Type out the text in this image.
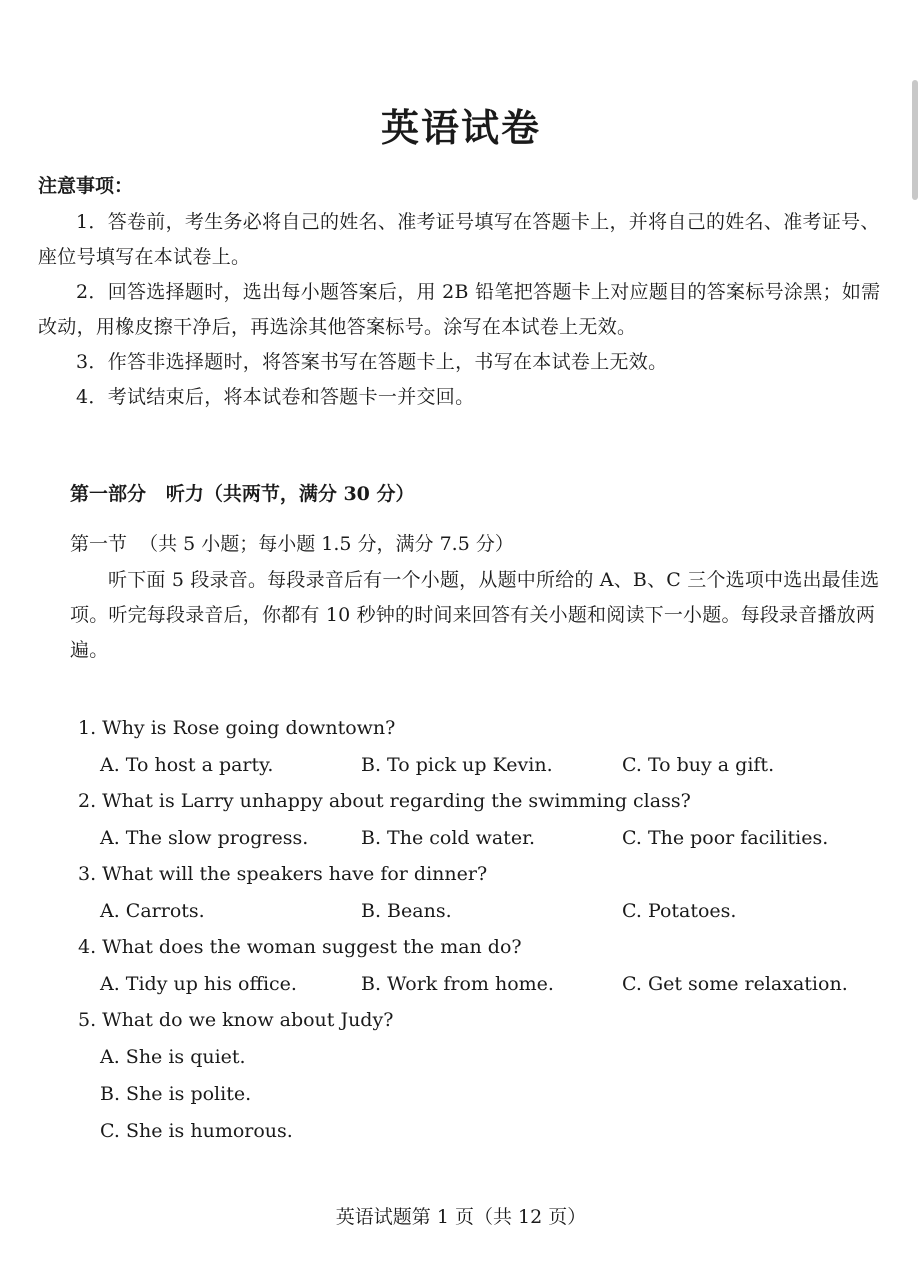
英语试卷
注意事项：

1．答卷前，考生务必将自己的姓名、准考证号填写在答题卡上，并将自己的姓名、准考证号、座位号填写在本试卷上。

2．回答选择题时，选出每小题答案后，用 2B 铅笔把答题卡上对应题目的答案标号涂黑；如需改动，用橡皮擦干净后，再选涂其他答案标号。涂写在本试卷上无效。

3．作答非选择题时，将答案书写在答题卡上，书写在本试卷上无效。

4．考试结束后，将本试卷和答题卡一并交回。

第一部分   听力（共两节，满分 30 分）
第一节  （共 5 小题；每小题 1.5 分，满分 7.5 分）
听下面 5 段录音。每段录音后有一个小题，从题中所给的 A、B、C 三个选项中选出最佳选项。听完每段录音后，你都有 10 秒钟的时间来回答有关小题和阅读下一小题。每段录音播放两遍。
1. Why is Rose going downtown?
A. To host a party.	B. To pick up Kevin.	C. To buy a gift.
2. What is Larry unhappy about regarding the swimming class?
A. The slow progress.	B. The cold water.	C. The poor facilities.
3. What will the speakers have for dinner?
A. Carrots.	B. Beans.	C. Potatoes.
4. What does the woman suggest the man do?
A. Tidy up his office.	B. Work from home.	C. Get some relaxation.
5. What do we know about Judy?
A. She is quiet.
B. She is polite.
C. She is humorous.
英语试题第 1 页（共 12 页）
